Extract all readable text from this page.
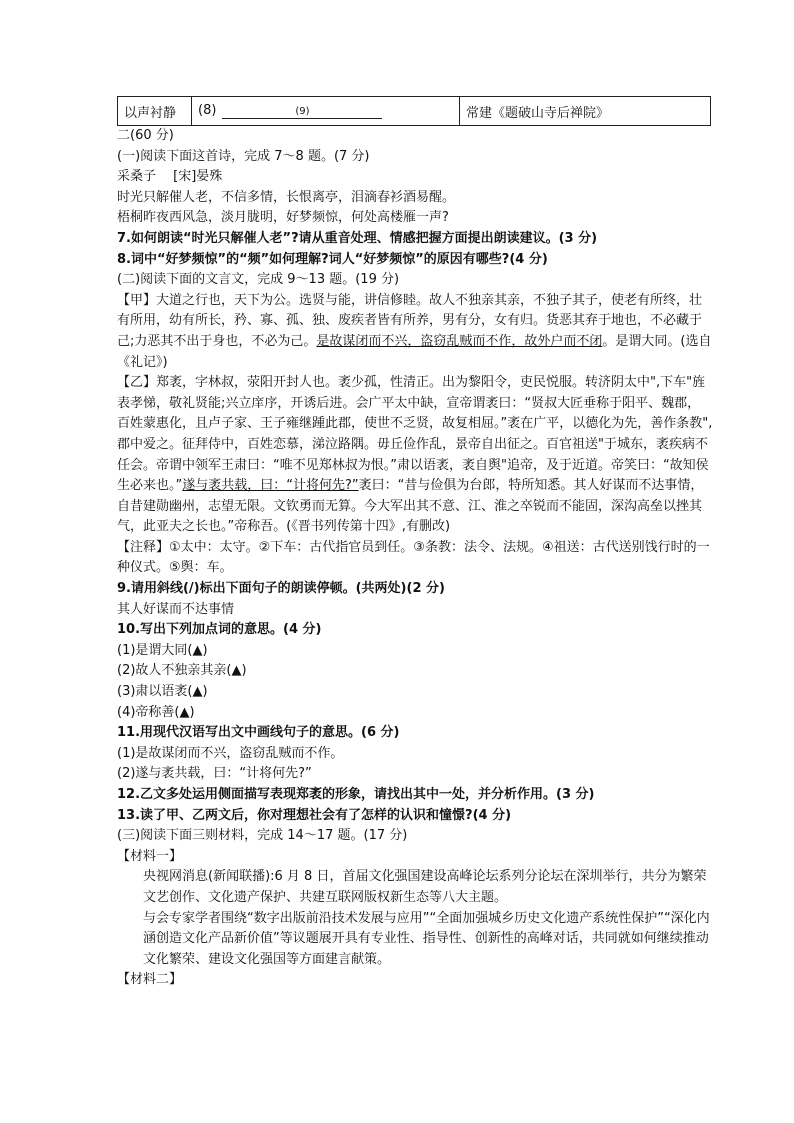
以声衬静	(8)	(9)	常建《题破山寺后禅院》

二(60 分)

(一)阅读下面这首诗，完成 7～8 题。(7 分)

采桑子　 [宋]晏殊

时光只解催人老，不信多情，长恨离亭，泪滴春衫酒易醒。

梧桐昨夜西风急，淡月胧明，好梦频惊，何处高楼雁一声?

7.如何朗读“时光只解催人老”?请从重音处理、情感把握方面提出朗读建议。(3 分)

8.词中“好梦频惊”的“频”如何理解?词人“好梦频惊”的原因有哪些?(4 分)

(二)阅读下面的文言文，完成 9～13 题。(19 分)

【甲】大道之行也，天下为公。选贤与能，讲信修睦。故人不独亲其亲，不独子其子，使老有所终，壮有所用，幼有所长，矜、寡、孤、独、废疾者皆有所养，男有分，女有归。货恶其弃于地也，不必藏于己;力恶其不出于身也，不必为己。是故谋闭而不兴，盗窃乱贼而不作，故外户而不闭。是谓大同。(选自《礼记》)

【乙】郑袤，字林叔，荥阳开封人也。袤少孤，性清正。出为黎阳令，吏民悦服。转济阴太中",下车"旌表孝悌，敬礼贤能;兴立庠序，开诱后进。会广平太中缺，宣帝谓袤曰：“贤叔大匠垂称于阳平、魏郡，百姓蒙惠化，且卢子家、王子雍继踵此郡，使世不乏贤，故复相屈。”袤在广平，以德化为先，善作条教",郡中爱之。征拜侍中，百姓恋慕，涕泣路隅。毋丘俭作乱，景帝自出征之。百官祖送"于城东，袤疾病不任会。帝谓中领军王肃曰：“唯不见郑林叔为恨。”肃以语袤，袤自舆"追帝，及于近道。帝笑曰：“故知侯生必来也。”遂与袤共载，曰：“计将何先?”袤曰：“昔与俭俱为台郎，特所知悉。其人好谋而不达事情，自昔建勋幽州，志望无限。文钦勇而无算。今大军出其不意、江、淮之卒锐而不能固，深沟高垒以挫其气，此亚夫之长也。”帝称吾。(《晋书列传第十四》,有删改)

【注释】①太中：太守。②下车：古代指官员到任。③条教：法令、法规。④祖送：古代送别饯行时的一种仪式。⑤舆：车。

9.请用斜线(/)标出下面句子的朗读停顿。(共两处)(2 分)

其人好谋而不达事情

10.写出下列加点词的意思。(4 分)

(1)是谓大同(▲)

(2)故人不独亲其亲(▲)

(3)肃以语袤(▲)

(4)帝称善(▲)

11.用现代汉语写出文中画线句子的意思。(6 分)

(1)是故谋闭而不兴，盗窃乱贼而不作。

(2)遂与袤共载，曰：“计将何先?”

12.乙文多处运用侧面描写表现郑袤的形象，请找出其中一处，并分析作用。(3 分)

13.读了甲、乙两文后，你对理想社会有了怎样的认识和憧憬?(4 分)

(三)阅读下面三则材料，完成 14～17 题。(17 分)

【材料一】

央视网消息(新闻联播):6 月 8 日，首届文化强国建设高峰论坛系列分论坛在深圳举行，共分为繁荣文艺创作、文化遗产保护、共建互联网版权新生态等八大主题。

与会专家学者围绕“数字出版前沿技术发展与应用”“全面加强城乡历史文化遗产系统性保护”“深化内涵创造文化产品新价值”等议题展开具有专业性、指导性、创新性的高峰对话，共同就如何继续推动文化繁荣、建设文化强国等方面建言献策。

【材料二】
